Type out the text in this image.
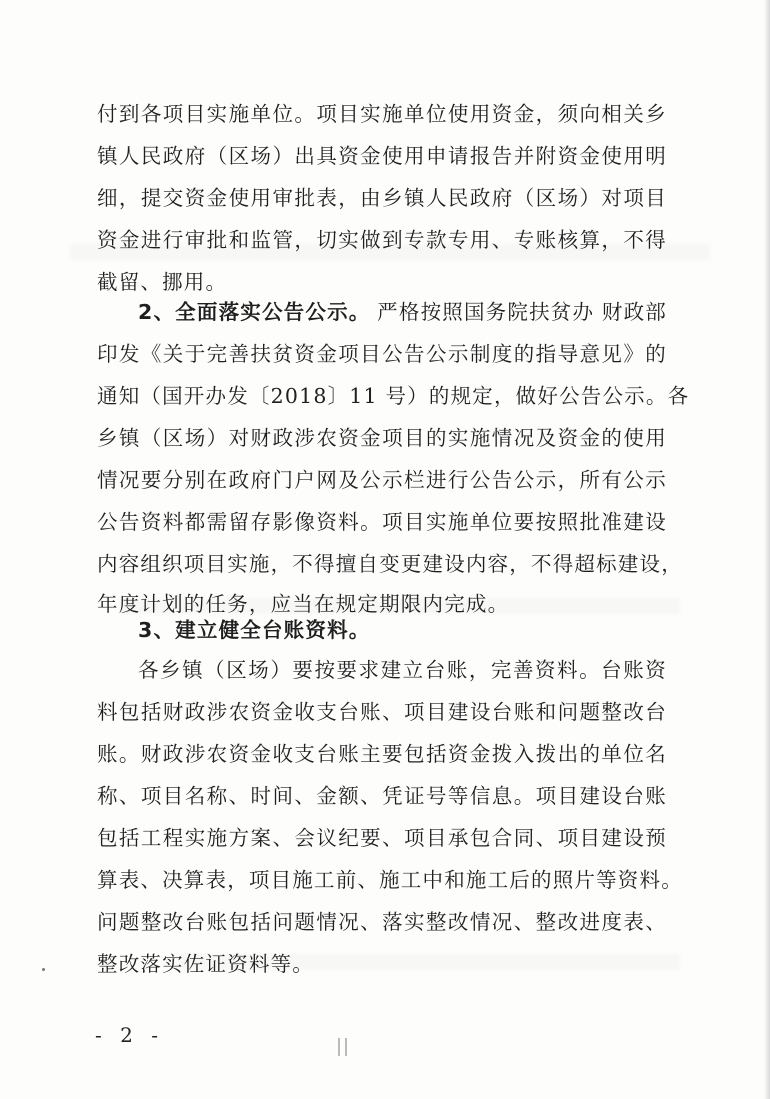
付到各项目实施单位。项目实施单位使用资金，须向相关乡
镇人民政府（区场）出具资金使用申请报告并附资金使用明
细，提交资金使用审批表，由乡镇人民政府（区场）对项目
资金进行审批和监管，切实做到专款专用、专账核算，不得
截留、挪用。
2、全面落实公告公示。 严格按照国务院扶贫办 财政部
印发《关于完善扶贫资金项目公告公示制度的指导意见》的
通知（国开办发〔2018〕11 号）的规定，做好公告公示。各
乡镇（区场）对财政涉农资金项目的实施情况及资金的使用
情况要分别在政府门户网及公示栏进行公告公示，所有公示
公告资料都需留存影像资料。项目实施单位要按照批准建设
内容组织项目实施，不得擅自变更建设内容，不得超标建设，
年度计划的任务，应当在规定期限内完成。
3、建立健全台账资料。
各乡镇（区场）要按要求建立台账，完善资料。台账资
料包括财政涉农资金收支台账、项目建设台账和问题整改台
账。财政涉农资金收支台账主要包括资金拨入拨出的单位名
称、项目名称、时间、金额、凭证号等信息。项目建设台账
包括工程实施方案、会议纪要、项目承包合同、项目建设预
算表、决算表，项目施工前、施工中和施工后的照片等资料。
问题整改台账包括问题情况、落实整改情况、整改进度表、
整改落实佐证资料等。
- 2 -
